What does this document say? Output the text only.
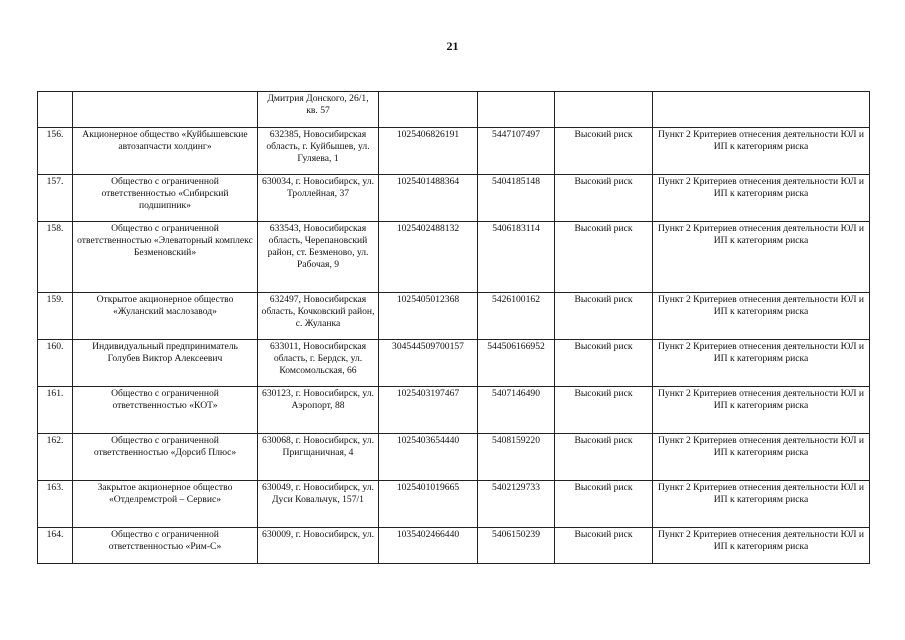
21
		Дмитрия Донского, 26/1, кв. 57				
156.	Акционерное общество «Куйбышевские автозапчасти холдинг»	632385, Новосибирская область, г. Куйбышев, ул. Гуляева, 1	1025406826191	5447107497	Высокий риск	Пункт 2 Критериев отнесения деятельности ЮЛ и ИП к категориям риска
157.	Общество с ограниченной ответственностью «Сибирский подшипник»	630034, г. Новосибирск, ул. Троллейная, 37	1025401488364	5404185148	Высокий риск	Пункт 2 Критериев отнесения деятельности ЮЛ и ИП к категориям риска
158.	Общество с ограниченной ответственностью «Элеваторный комплекс Безменовский»	633543, Новосибирская область, Черепановский район, ст. Безменово, ул. Рабочая, 9	1025402488132	5406183114	Высокий риск	Пункт 2 Критериев отнесения деятельности ЮЛ и ИП к категориям риска
159.	Открытое акционерное общество «Жуланский маслозавод»	632497, Новосибирская область, Кочковский район, с. Жуланка	1025405012368	5426100162	Высокий риск	Пункт 2 Критериев отнесения деятельности ЮЛ и ИП к категориям риска
160.	Индивидуальный предприниматель Голубев Виктор Алексеевич	633011, Новосибирская область, г. Бердск, ул. Комсомольская, 66	304544509700157	544506166952	Высокий риск	Пункт 2 Критериев отнесения деятельности ЮЛ и ИП к категориям риска
161.	Общество с ограниченной ответственностью «КОТ»	630123, г. Новосибирск, ул. Аэропорт, 88	1025403197467	5407146490	Высокий риск	Пункт 2 Критериев отнесения деятельности ЮЛ и ИП к категориям риска
162.	Общество с ограниченной ответственностью «Дорсиб Плюс»	630068, г. Новосибирск, ул. Пригщаничная, 4	1025403654440	5408159220	Высокий риск	Пункт 2 Критериев отнесения деятельности ЮЛ и ИП к категориям риска
163.	Закрытое акционерное общество «Отделремстрой – Сервис»	630049, г. Новосибирск, ул. Дуси Ковальчук, 157/1	1025401019665	5402129733	Высокий риск	Пункт 2 Критериев отнесения деятельности ЮЛ и ИП к категориям риска
164.	Общество с ограниченной ответственностью «Рим-С»	630009, г. Новосибирск, ул.	1035402466440	5406150239	Высокий риск	Пункт 2 Критериев отнесения деятельности ЮЛ и ИП к категориям риска
